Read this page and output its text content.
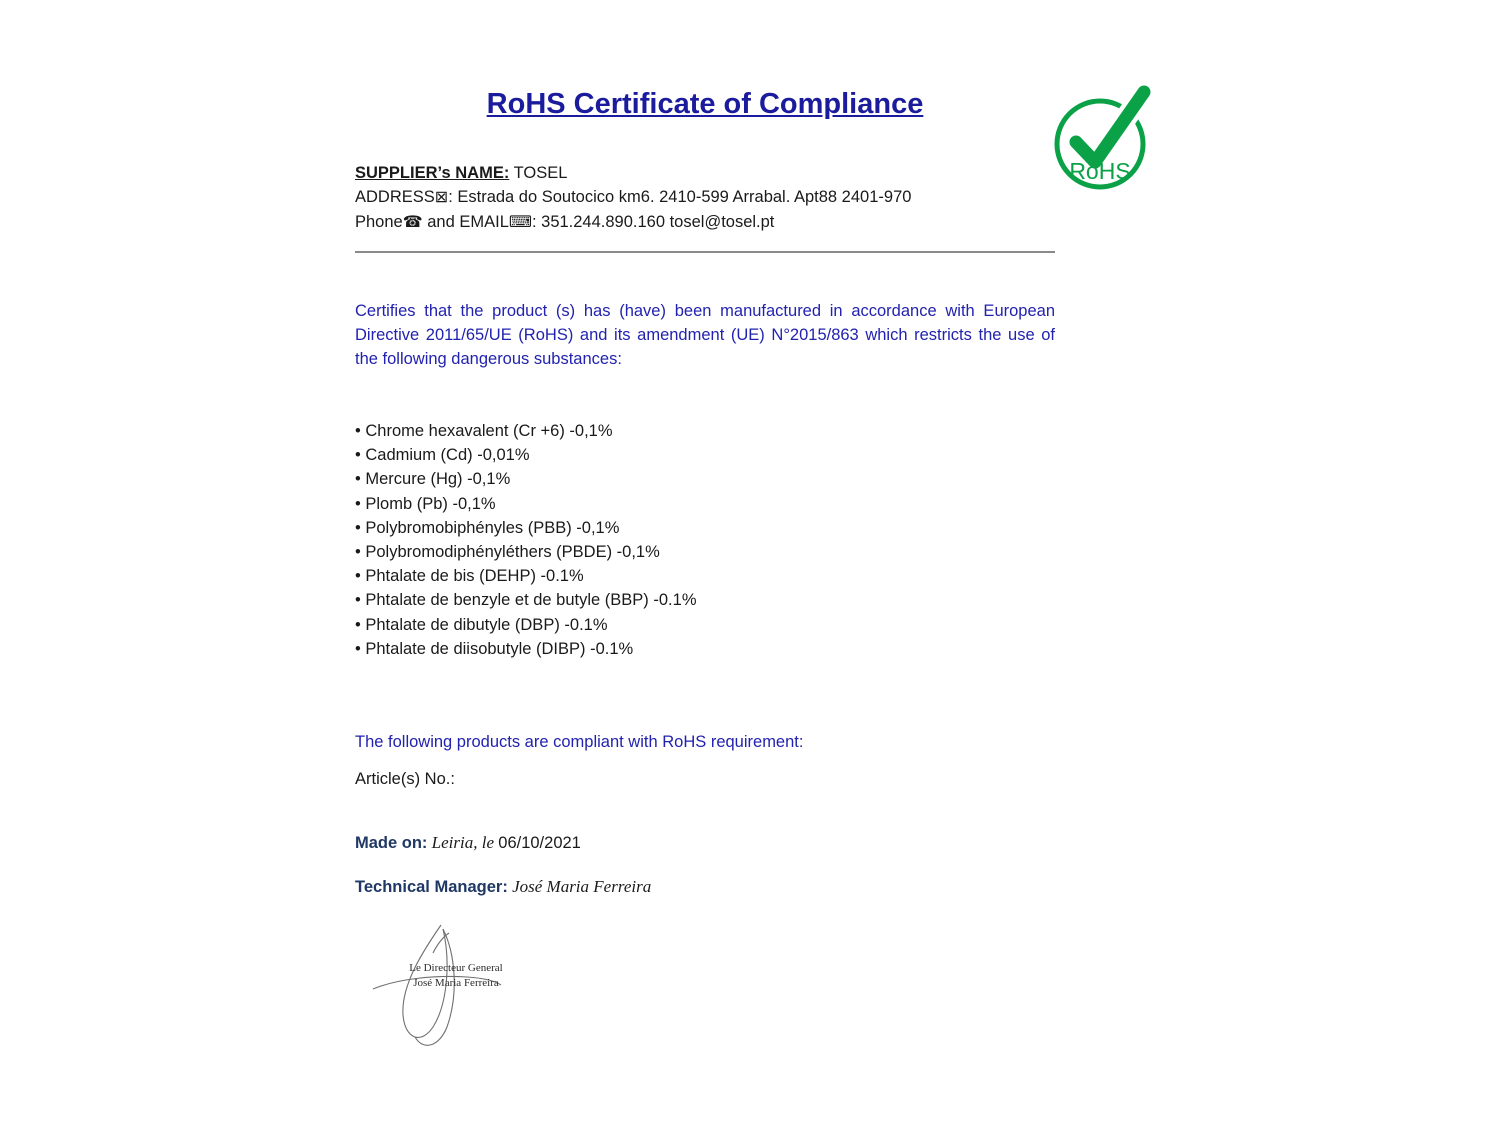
RoHS Certificate of Compliance
SUPPLIER’s NAME: TOSEL
ADDRESS⊠: Estrada do Soutocico km6. 2410-599 Arrabal. Apt88 2401-970
Phone☎ and EMAIL⌨: 351.244.890.160 tosel@tosel.pt

Certifies that the product (s) has (have) been manufactured in accordance with European Directive 2011/65/UE (RoHS) and its amendment (UE) N°2015/863 which restricts the use of the following dangerous substances:

• Chrome hexavalent (Cr +6) -0,1%
• Cadmium (Cd) -0,01%
• Mercure (Hg) -0,1%
• Plomb (Pb) -0,1%
• Polybromobiphényles (PBB) -0,1%
• Polybromodiphényléthers (PBDE) -0,1%
• Phtalate de bis (DEHP) -0.1%
• Phtalate de benzyle et de butyle (BBP) -0.1%
• Phtalate de dibutyle (DBP) -0.1%
• Phtalate de diisobutyle (DIBP) -0.1%
The following products are compliant with RoHS requirement:
Article(s) No.:
Made on: Leiria, le 06/10/2021
Technical Manager: José Maria Ferreira
Le Directeur General
José Maria Ferreira
RoHS
